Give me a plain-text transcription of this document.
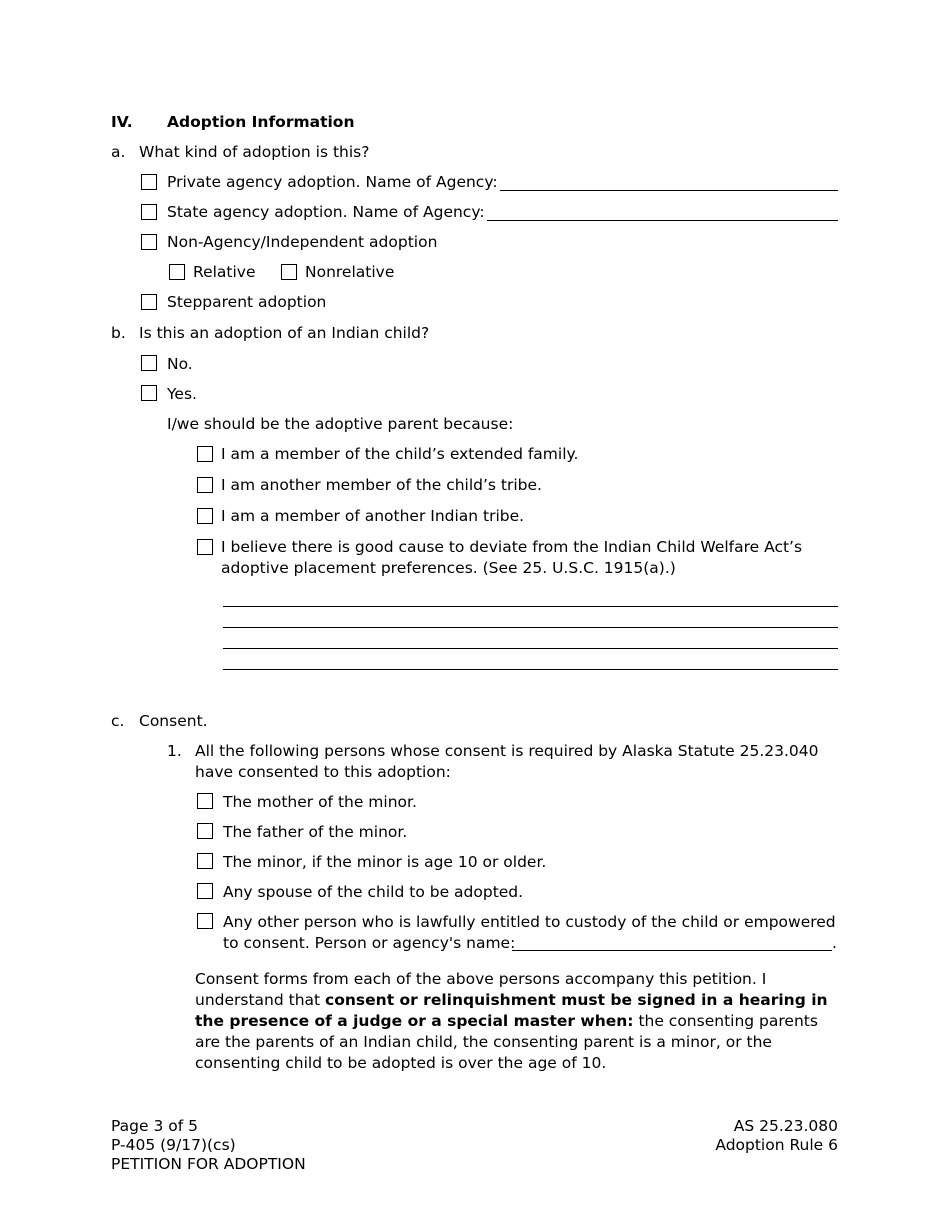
IV. Adoption Information
a. What kind of adoption is this?
Private agency adoption. Name of Agency:
State agency adoption. Name of Agency:
Non-Agency/Independent adoption
Relative	Nonrelative
Stepparent adoption
b. Is this an adoption of an Indian child?
No.
Yes.
I/we should be the adoptive parent because:
I am a member of the child’s extended family.
I am another member of the child’s tribe.
I am a member of another Indian tribe.
I believe there is good cause to deviate from the Indian Child Welfare Act’s
adoptive placement preferences. (See 25. U.S.C. 1915(a).)
c. Consent.
1. All the following persons whose consent is required by Alaska Statute 25.23.040
have consented to this adoption:
The mother of the minor.
The father of the minor.
The minor, if the minor is age 10 or older.
Any spouse of the child to be adopted.
Any other person who is lawfully entitled to custody of the child or empowered
to consent. Person or agency's name:	.
Consent forms from each of the above persons accompany this petition. I understand that consent or relinquishment must be signed in a hearing in the presence of a judge or a special master when: the consenting parents are the parents of an Indian child, the consenting parent is a minor, or the consenting child to be adopted is over the age of 10.
Page 3 of 5
P-405 (9/17)(cs)
PETITION FOR ADOPTION
AS 25.23.080
Adoption Rule 6
